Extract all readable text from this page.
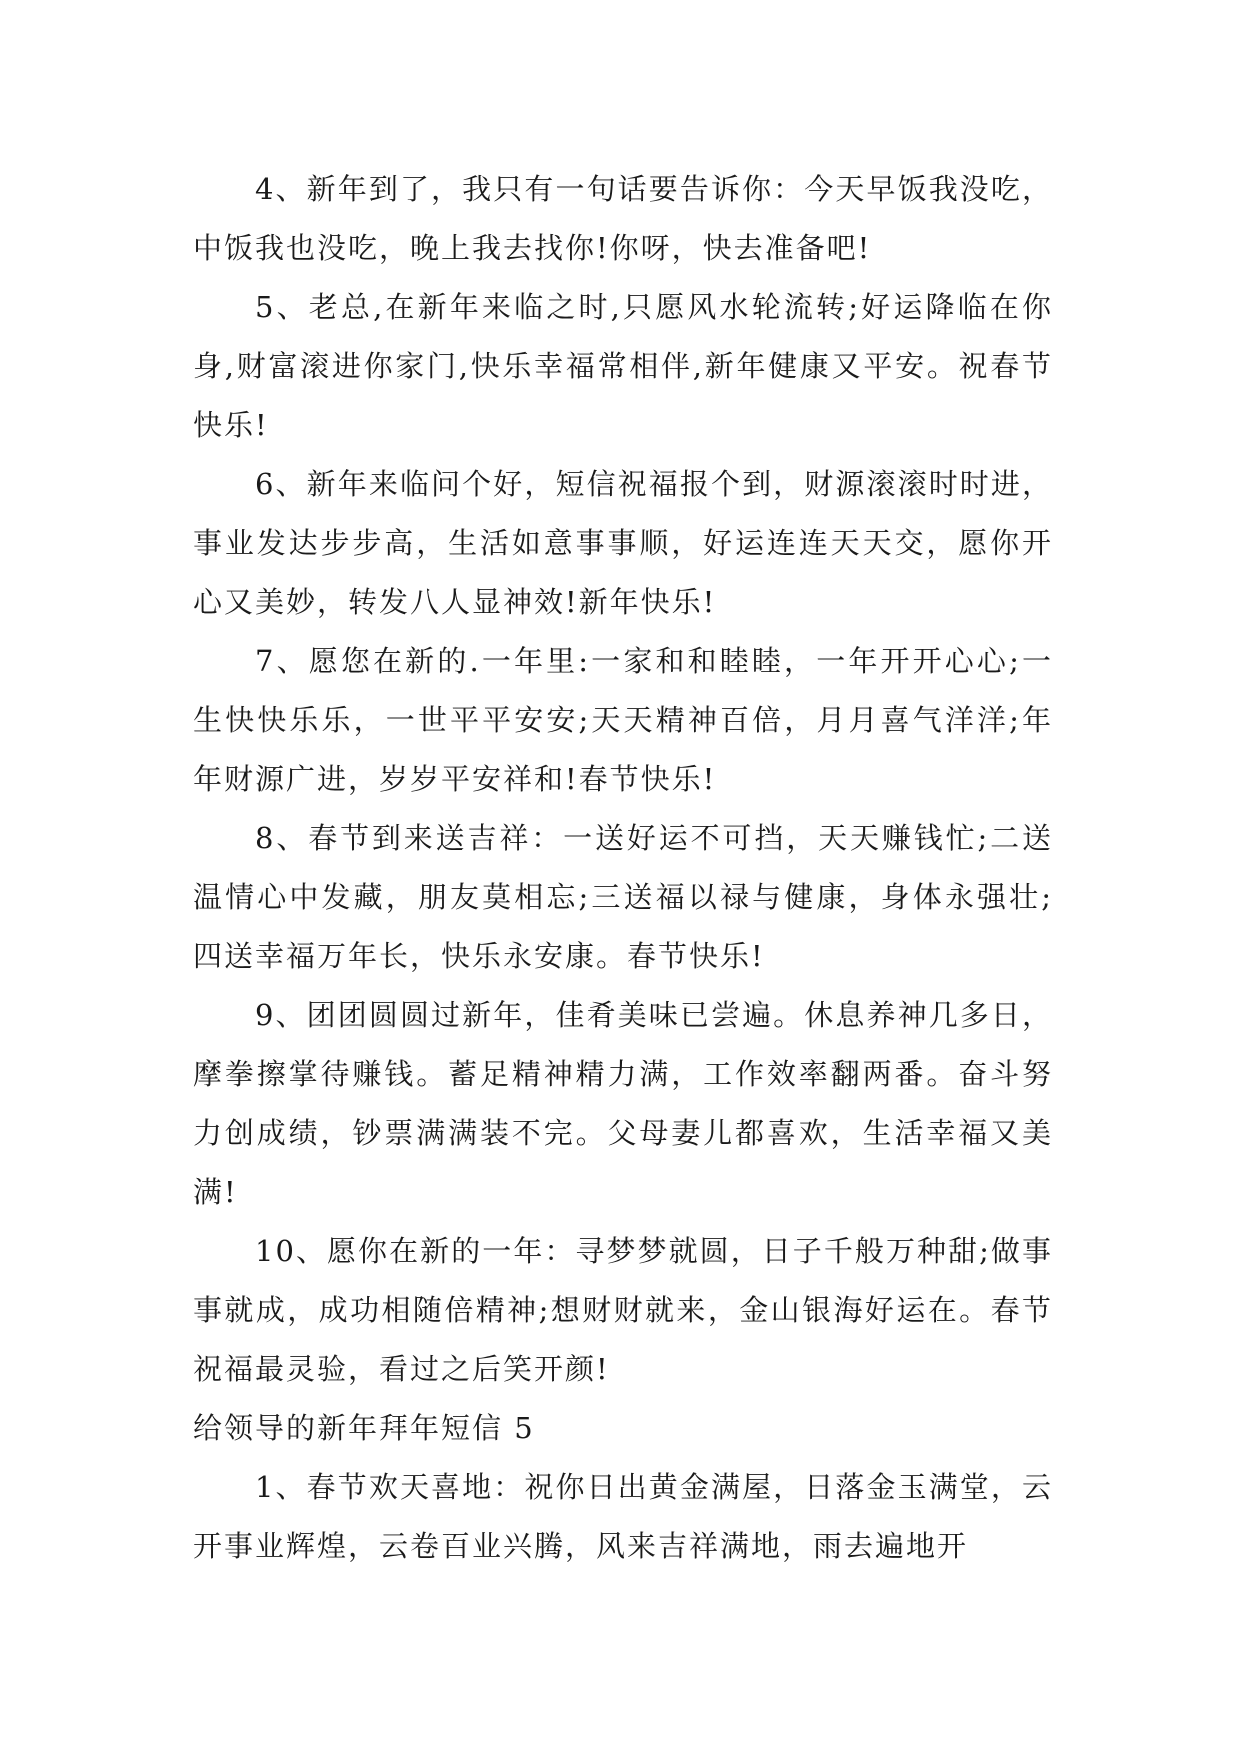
4、新年到了，我只有一句话要告诉你：今天早饭我没吃，中饭我也没吃，晚上我去找你!你呀，快去准备吧!

5、老总,在新年来临之时,只愿风水轮流转;好运降临在你身,财富滚进你家门,快乐幸福常相伴,新年健康又平安。祝春节快乐!

6、新年来临问个好，短信祝福报个到，财源滚滚时时进，事业发达步步高，生活如意事事顺，好运连连天天交，愿你开心又美妙，转发八人显神效!新年快乐!

7、愿您在新的.一年里:一家和和睦睦，一年开开心心;一生快快乐乐，一世平平安安;天天精神百倍，月月喜气洋洋;年年财源广进，岁岁平安祥和!春节快乐!

8、春节到来送吉祥：一送好运不可挡，天天赚钱忙;二送温情心中发藏，朋友莫相忘;三送福以禄与健康，身体永强壮;四送幸福万年长，快乐永安康。春节快乐!

9、团团圆圆过新年，佳肴美味已尝遍。休息养神几多日，摩拳擦掌待赚钱。蓄足精神精力满，工作效率翻两番。奋斗努力创成绩，钞票满满装不完。父母妻儿都喜欢，生活幸福又美满!

10、愿你在新的一年：寻梦梦就圆，日子千般万种甜;做事事就成，成功相随倍精神;想财财就来，金山银海好运在。春节祝福最灵验，看过之后笑开颜!

给领导的新年拜年短信 5

1、春节欢天喜地：祝你日出黄金满屋，日落金玉满堂，云开事业辉煌，云卷百业兴腾，风来吉祥满地，雨去遍地开
